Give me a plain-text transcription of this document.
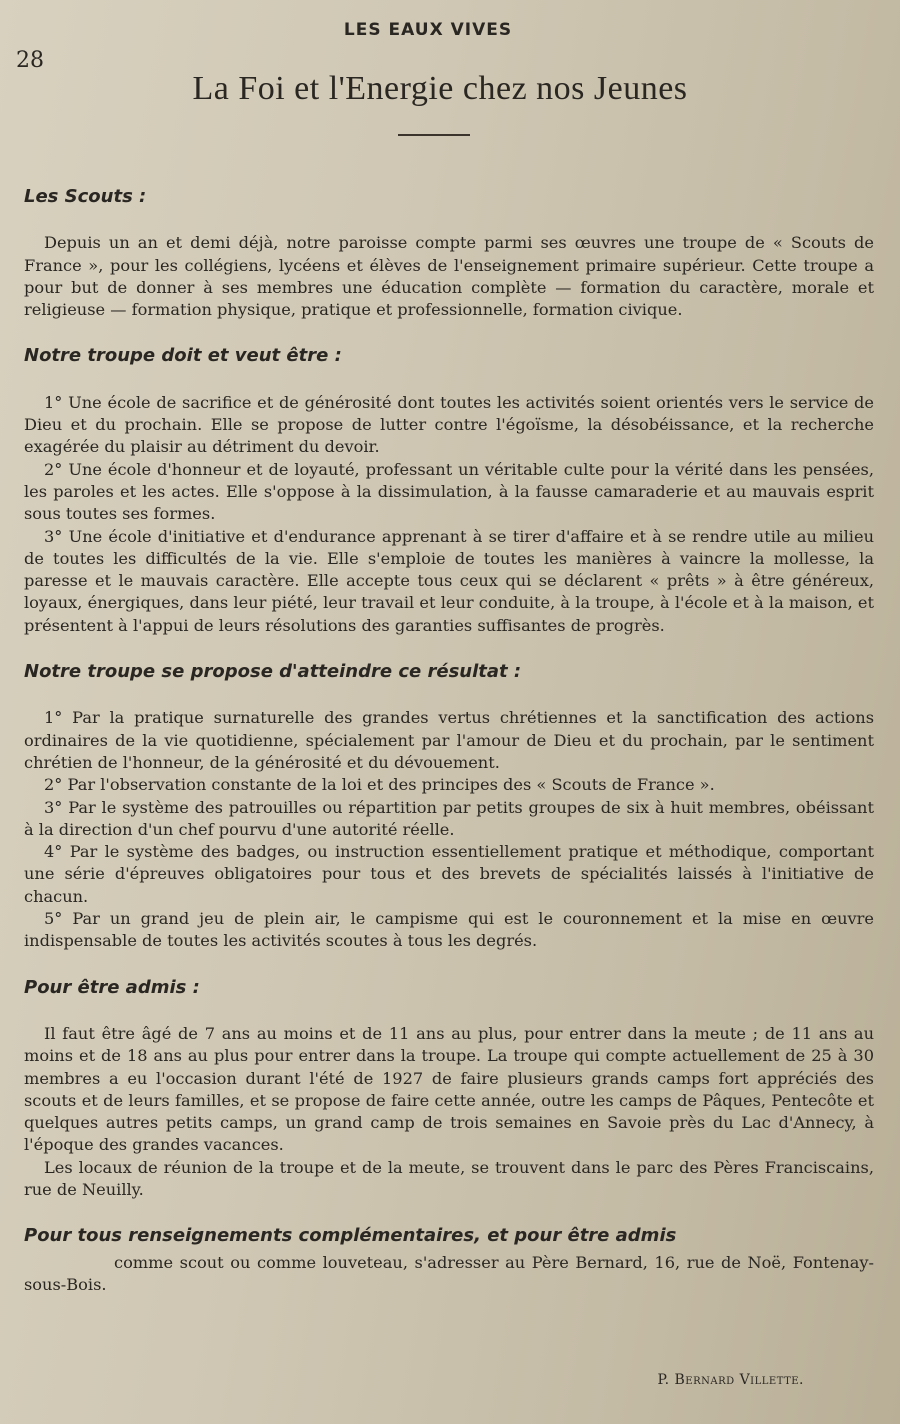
28
LES EAUX VIVES
La Foi et l'Energie chez nos Jeunes
Les Scouts :

Depuis un an et demi déjà, notre paroisse compte parmi ses œuvres une troupe de « Scouts de France », pour les collégiens, lycéens et élèves de l'enseignement primaire supérieur. Cette troupe a pour but de donner à ses membres une éducation complète — formation du caractère, morale et religieuse — formation physique, pratique et professionnelle, formation civique.

Notre troupe doit et veut être :

1° Une école de sacrifice et de générosité dont toutes les activités soient orientés vers le service de Dieu et du prochain. Elle se propose de lutter contre l'égoïsme, la désobéissance, et la recherche exagérée du plaisir au détriment du devoir.

2° Une école d'honneur et de loyauté, professant un véritable culte pour la vérité dans les pensées, les paroles et les actes. Elle s'oppose à la dissimulation, à la fausse camaraderie et au mauvais esprit sous toutes ses formes.

3° Une école d'initiative et d'endurance apprenant à se tirer d'affaire et à se rendre utile au milieu de toutes les difficultés de la vie. Elle s'emploie de toutes les manières à vaincre la mollesse, la paresse et le mauvais caractère. Elle accepte tous ceux qui se déclarent « prêts » à être généreux, loyaux, énergiques, dans leur piété, leur travail et leur conduite, à la troupe, à l'école et à la maison, et présentent à l'appui de leurs résolutions des garanties suffisantes de progrès.

Notre troupe se propose d'atteindre ce résultat :

1° Par la pratique surnaturelle des grandes vertus chrétiennes et la sanctification des actions ordinaires de la vie quotidienne, spécialement par l'amour de Dieu et du prochain, par le sentiment chrétien de l'honneur, de la générosité et du dévouement.

2° Par l'observation constante de la loi et des principes des « Scouts de France ».

3° Par le système des patrouilles ou répartition par petits groupes de six à huit membres, obéissant à la direction d'un chef pourvu d'une autorité réelle.

4° Par le système des badges, ou instruction essentiellement pratique et méthodique, comportant une série d'épreuves obligatoires pour tous et des brevets de spécialités laissés à l'initiative de chacun.

5° Par un grand jeu de plein air, le campisme qui est le couronnement et la mise en œuvre indispensable de toutes les activités scoutes à tous les degrés.

Pour être admis :

Il faut être âgé de 7 ans au moins et de 11 ans au plus, pour entrer dans la meute ; de 11 ans au moins et de 18 ans au plus pour entrer dans la troupe. La troupe qui compte actuellement de 25 à 30 membres a eu l'occasion durant l'été de 1927 de faire plusieurs grands camps fort appréciés des scouts et de leurs familles, et se propose de faire cette année, outre les camps de Pâques, Pentecôte et quelques autres petits camps, un grand camp de trois semaines en Savoie près du Lac d'Annecy, à l'époque des grandes vacances.

Les locaux de réunion de la troupe et de la meute, se trouvent dans le parc des Pères Franciscains, rue de Neuilly.

Pour tous renseignements complémentaires, et pour être admis

comme scout ou comme louveteau, s'adresser au Père Bernard, 16, rue de Noë, Fontenay-sous-Bois.

P. Bernard Villette.
